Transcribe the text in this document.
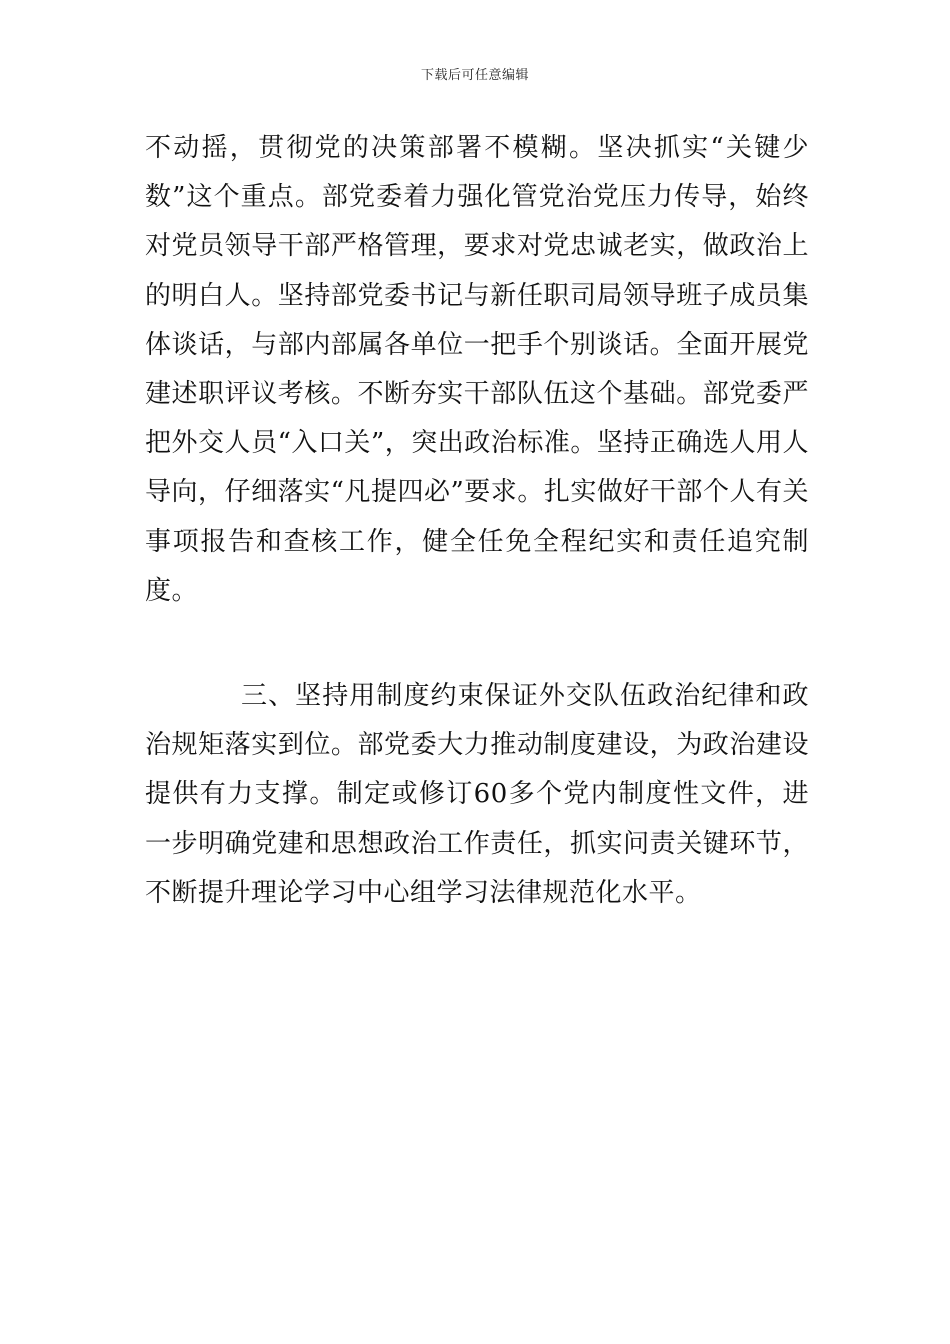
下载后可任意编辑

不动摇，贯彻党的决策部署不模糊。坚决抓实“关键少数”这个重点。部党委着力强化管党治党压力传导，始终对党员领导干部严格管理，要求对党忠诚老实，做政治上的明白人。坚持部党委书记与新任职司局领导班子成员集体谈话，与部内部属各单位一把手个别谈话。全面开展党建述职评议考核。不断夯实干部队伍这个基础。部党委严把外交人员“入口关”，突出政治标准。坚持正确选人用人导向，仔细落实“凡提四必”要求。扎实做好干部个人有关事项报告和查核工作，健全任免全程纪实和责任追究制度。

三、坚持用制度约束保证外交队伍政治纪律和政治规矩落实到位。部党委大力推动制度建设，为政治建设提供有力支撑。制定或修订60多个党内制度性文件，进一步明确党建和思想政治工作责任，抓实问责关键环节，不断提升理论学习中心组学习法律规范化水平。
